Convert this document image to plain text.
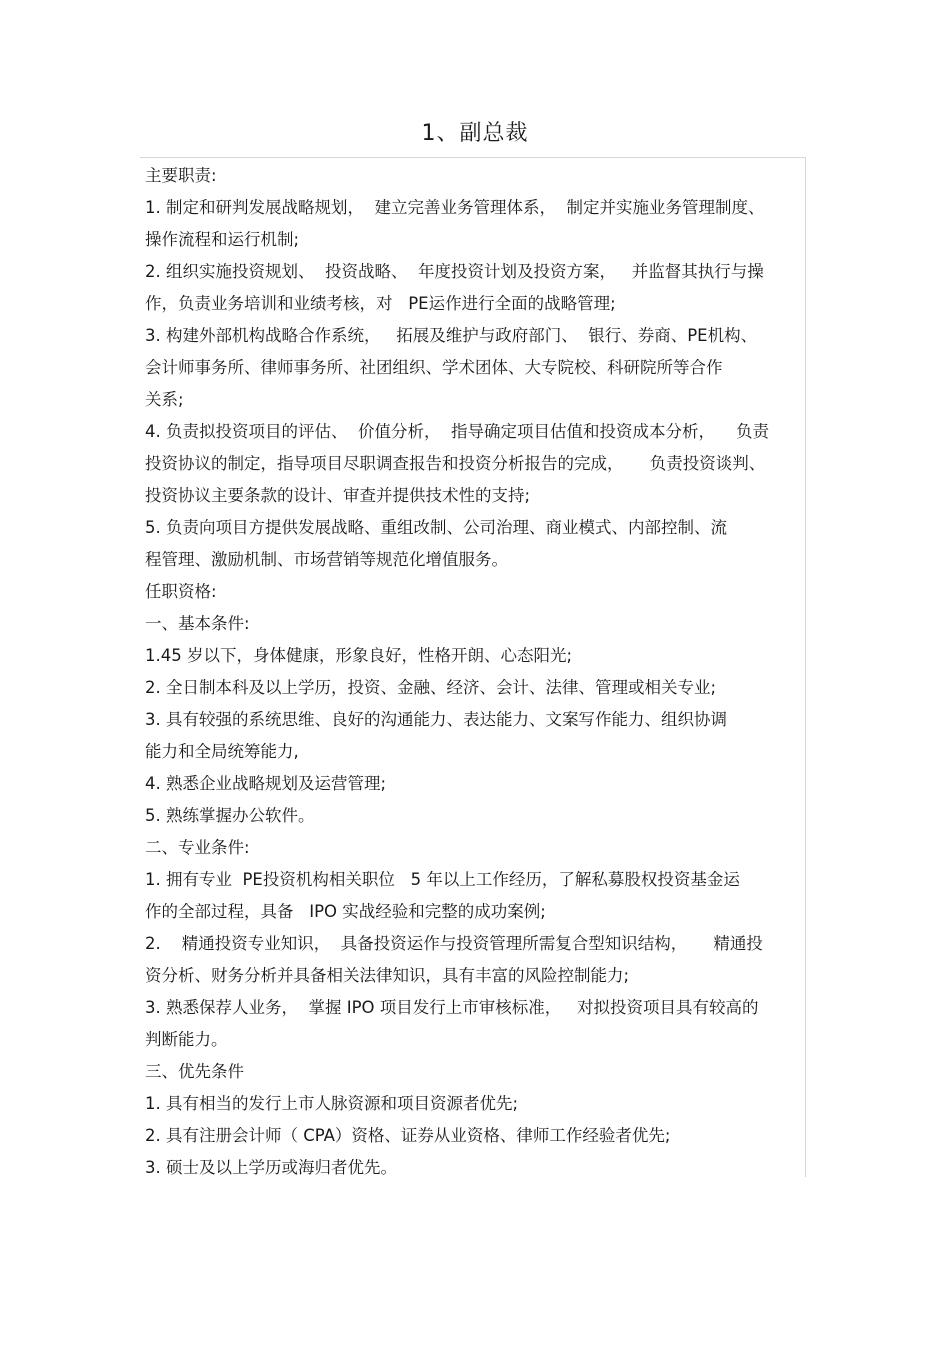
1、副总裁
主要职责:
1. 制定和研判发展战略规划，  建立完善业务管理体系，  制定并实施业务管理制度、
操作流程和运行机制;
2. 组织实施投资规划、  投资战略、  年度投资计划及投资方案，   并监督其执行与操
作，负责业务培训和业绩考核，对   PE运作进行全面的战略管理;
3. 构建外部机构战略合作系统，   拓展及维护与政府部门、  银行、券商、PE机构、
会计师事务所、律师事务所、社团组织、学术团体、大专院校、科研院所等合作
关系;
4. 负责拟投资项目的评估、  价值分析，  指导确定项目估值和投资成本分析，    负责
投资协议的制定，指导项目尽职调查报告和投资分析报告的完成，     负责投资谈判、
投资协议主要条款的设计、审查并提供技术性的支持;
5. 负责向项目方提供发展战略、重组改制、公司治理、商业模式、内部控制、流
程管理、激励机制、市场营销等规范化增值服务。
任职资格:
一、基本条件:
1.45 岁以下，身体健康，形象良好，性格开朗、心态阳光;
2. 全日制本科及以上学历，投资、金融、经济、会计、法律、管理或相关专业;
3. 具有较强的系统思维、良好的沟通能力、表达能力、文案写作能力、组织协调
能力和全局统筹能力,
4. 熟悉企业战略规划及运营管理;
5. 熟练掌握办公软件。
二、专业条件:
1. 拥有专业  PE投资机构相关职位   5 年以上工作经历，了解私募股权投资基金运
作的全部过程，具备   IPO 实战经验和完整的成功案例;
2.    精通投资专业知识，  具备投资运作与投资管理所需复合型知识结构，     精通投
资分析、财务分析并具备相关法律知识，具有丰富的风险控制能力;
3. 熟悉保荐人业务，  掌握 IPO 项目发行上市审核标准，   对拟投资项目具有较高的
判断能力。
三、优先条件
1. 具有相当的发行上市人脉资源和项目资源者优先;
2. 具有注册会计师（ CPA）资格、证券从业资格、律师工作经验者优先;
3. 硕士及以上学历或海归者优先。
